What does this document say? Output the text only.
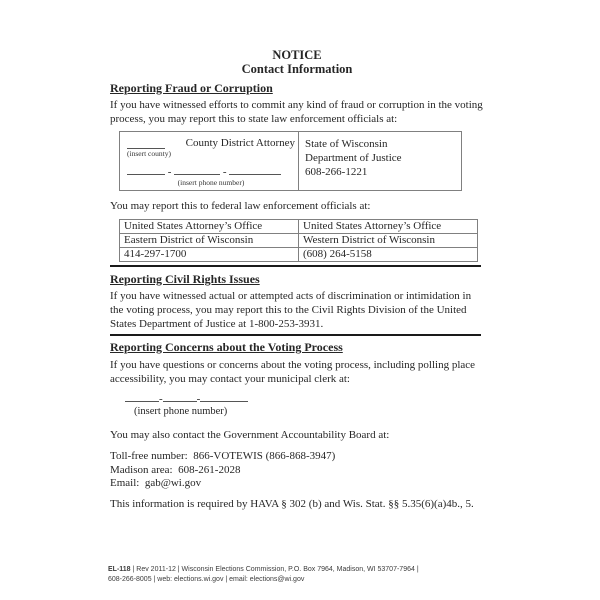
NOTICE
Contact Information
Reporting Fraud or Corruption

If you have witnessed efforts to commit any kind of fraud or corruption in the voting process, you may report this to state law enforcement officials at:

County District Attorney
(insert county)
-	-
(insert phone number)
State of Wisconsin
Department of Justice
608-266-1221

You may report this to federal law enforcement officials at:

United States Attorney’s Office	United States Attorney’s Office
Eastern District of Wisconsin	Western District of Wisconsin
414-297-1700	(608) 264-5158
Reporting Civil Rights Issues

If you have witnessed actual or attempted acts of discrimination or intimidation in the voting process, you may report this to the Civil Rights Division of the United States Department of Justice at 1-800-253-3931.

Reporting Concerns about the Voting Process

If you have questions or concerns about the voting process, including polling place accessibility, you may contact your municipal clerk at:

-	-
(insert phone number)

You may also contact the Government Accountability Board at:

Toll-free number:  866-VOTEWIS (866-868-3947)
Madison area:  608-261-2028
Email:  gab@wi.gov

This information is required by HAVA § 302 (b) and Wis. Stat. §§ 5.35(6)(a)4b., 5.

EL-118 | Rev 2011-12 | Wisconsin Elections Commission, P.O. Box 7964, Madison, WI 53707-7964 |
608-266-8005 | web: elections.wi.gov | email: elections@wi.gov
